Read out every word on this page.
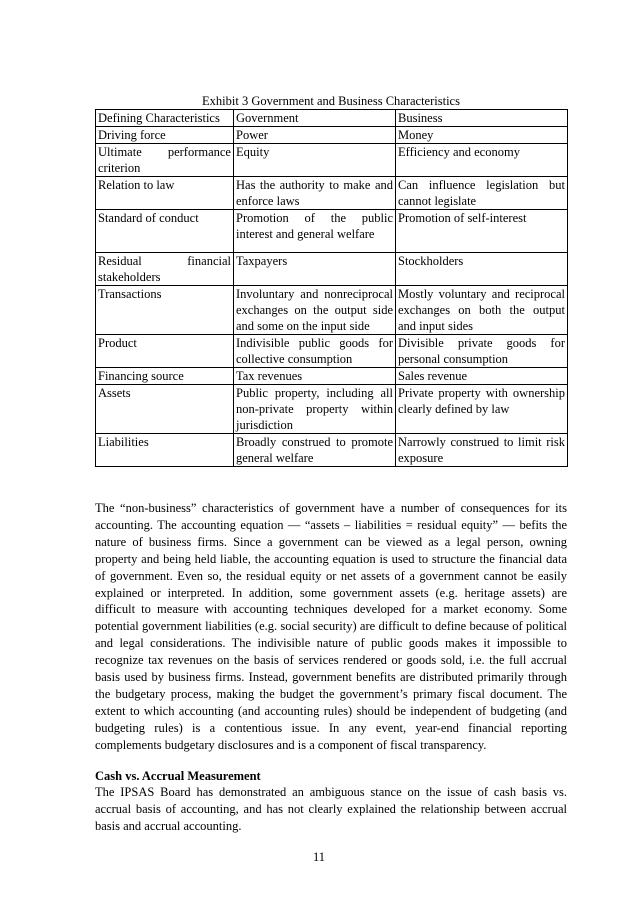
Exhibit 3 Government and Business Characteristics
Defining Characteristics	Government	Business
Driving force	Power	Money
Ultimate performance criterion	Equity	Efficiency and economy
Relation to law	Has the authority to make and enforce laws	Can influence legislation but cannot legislate
Standard of conduct	Promotion of the public interest and general welfare	Promotion of self-interest
Residual financial stakeholders	Taxpayers	Stockholders
Transactions	Involuntary and nonreciprocal exchanges on the output side and some on the input side	Mostly voluntary and reciprocal exchanges on both the output and input sides
Product	Indivisible public goods for collective consumption	Divisible private goods for personal consumption
Financing source	Tax revenues	Sales revenue
Assets	Public property, including all non-private property within jurisdiction	Private property with ownership clearly defined by law
Liabilities	Broadly construed to promote general welfare	Narrowly construed to limit risk exposure

The “non-business” characteristics of government have a number of consequences for its accounting. The accounting equation — “assets – liabilities = residual equity” — befits the nature of business firms. Since a government can be viewed as a legal person, owning property and being held liable, the accounting equation is used to structure the financial data of government. Even so, the residual equity or net assets of a government cannot be easily explained or interpreted. In addition, some government assets (e.g. heritage assets) are difficult to measure with accounting techniques developed for a market economy. Some potential government liabilities (e.g. social security) are difficult to define because of political and legal considerations. The indivisible nature of public goods makes it impossible to recognize tax revenues on the basis of services rendered or goods sold, i.e. the full accrual basis used by business firms. Instead, government benefits are distributed primarily through the budgetary process, making the budget the government’s primary fiscal document. The extent to which accounting (and accounting rules) should be independent of budgeting (and budgeting rules) is a contentious issue. In any event, year-end financial reporting complements budgetary disclosures and is a component of fiscal transparency.

Cash vs. Accrual Measurement

The IPSAS Board has demonstrated an ambiguous stance on the issue of cash basis vs. accrual basis of accounting, and has not clearly explained the relationship between accrual basis and accrual accounting.

11
